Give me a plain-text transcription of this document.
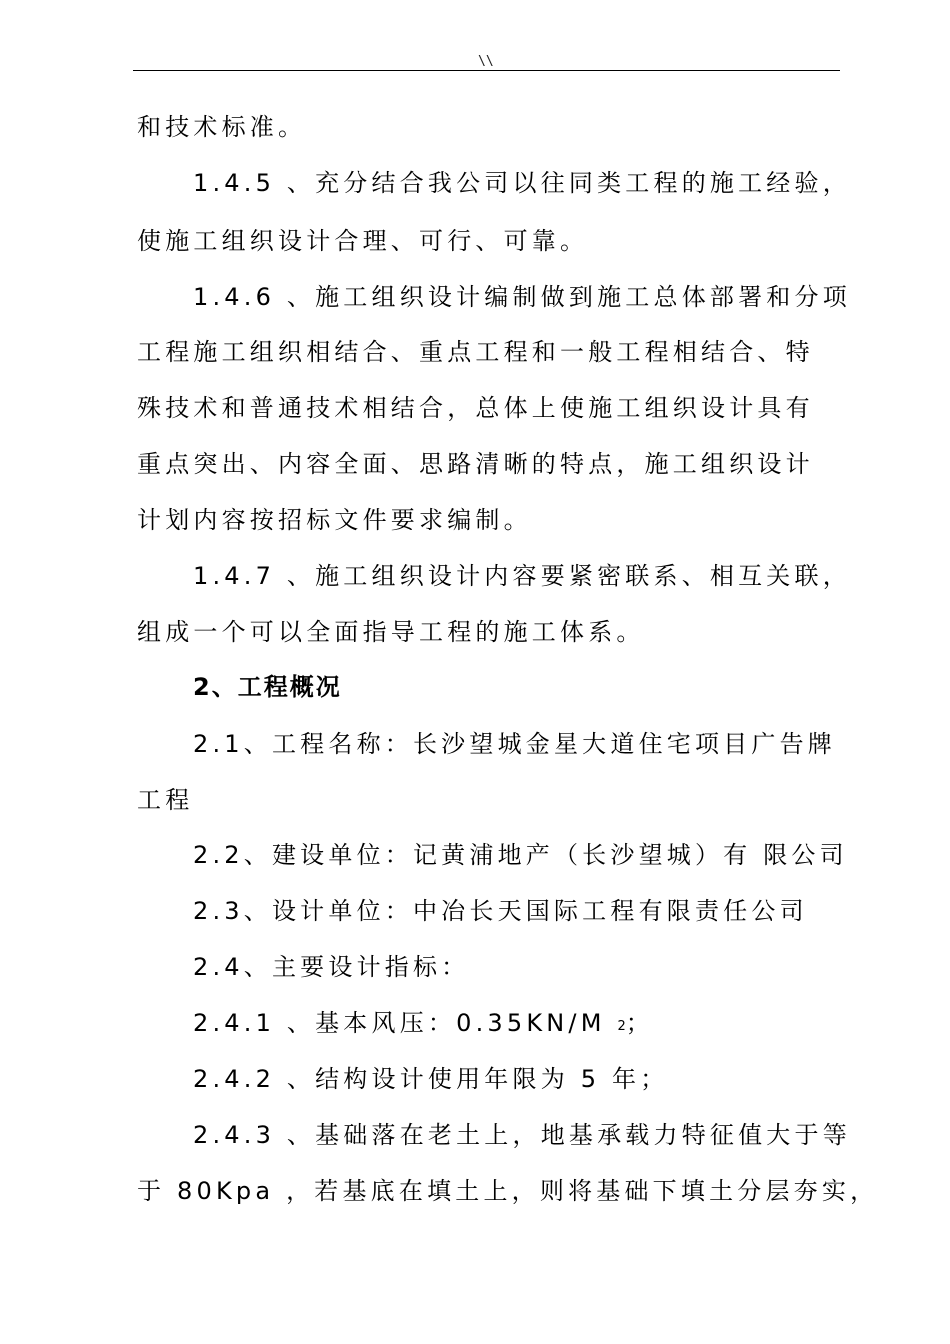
\\
和技术标准。
1.4.5 、充分结合我公司以往同类工程的施工经验，
使施工组织设计合理、可行、可靠。
1.4.6 、施工组织设计编制做到施工总体部署和分项
工程施工组织相结合、重点工程和一般工程相结合、特
殊技术和普通技术相结合，总体上使施工组织设计具有
重点突出、内容全面、思路清晰的特点，施工组织设计
计划内容按招标文件要求编制。
1.4.7 、施工组织设计内容要紧密联系、相互关联，
组成一个可以全面指导工程的施工体系。
2、工程概况
2.1、工程名称：长沙望城金星大道住宅项目广告牌
工程
2.2、建设单位：记黄浦地产（长沙望城）有 限公司
2.3、设计单位：中冶长天国际工程有限责任公司
2.4、主要设计指标：
2.4.1 、基本风压：0.35KN/M 2；
2.4.2 、结构设计使用年限为 5 年；
2.4.3 、基础落在老土上，地基承载力特征值大于等
于 80Kpa ，若基底在填土上，则将基础下填土分层夯实，
